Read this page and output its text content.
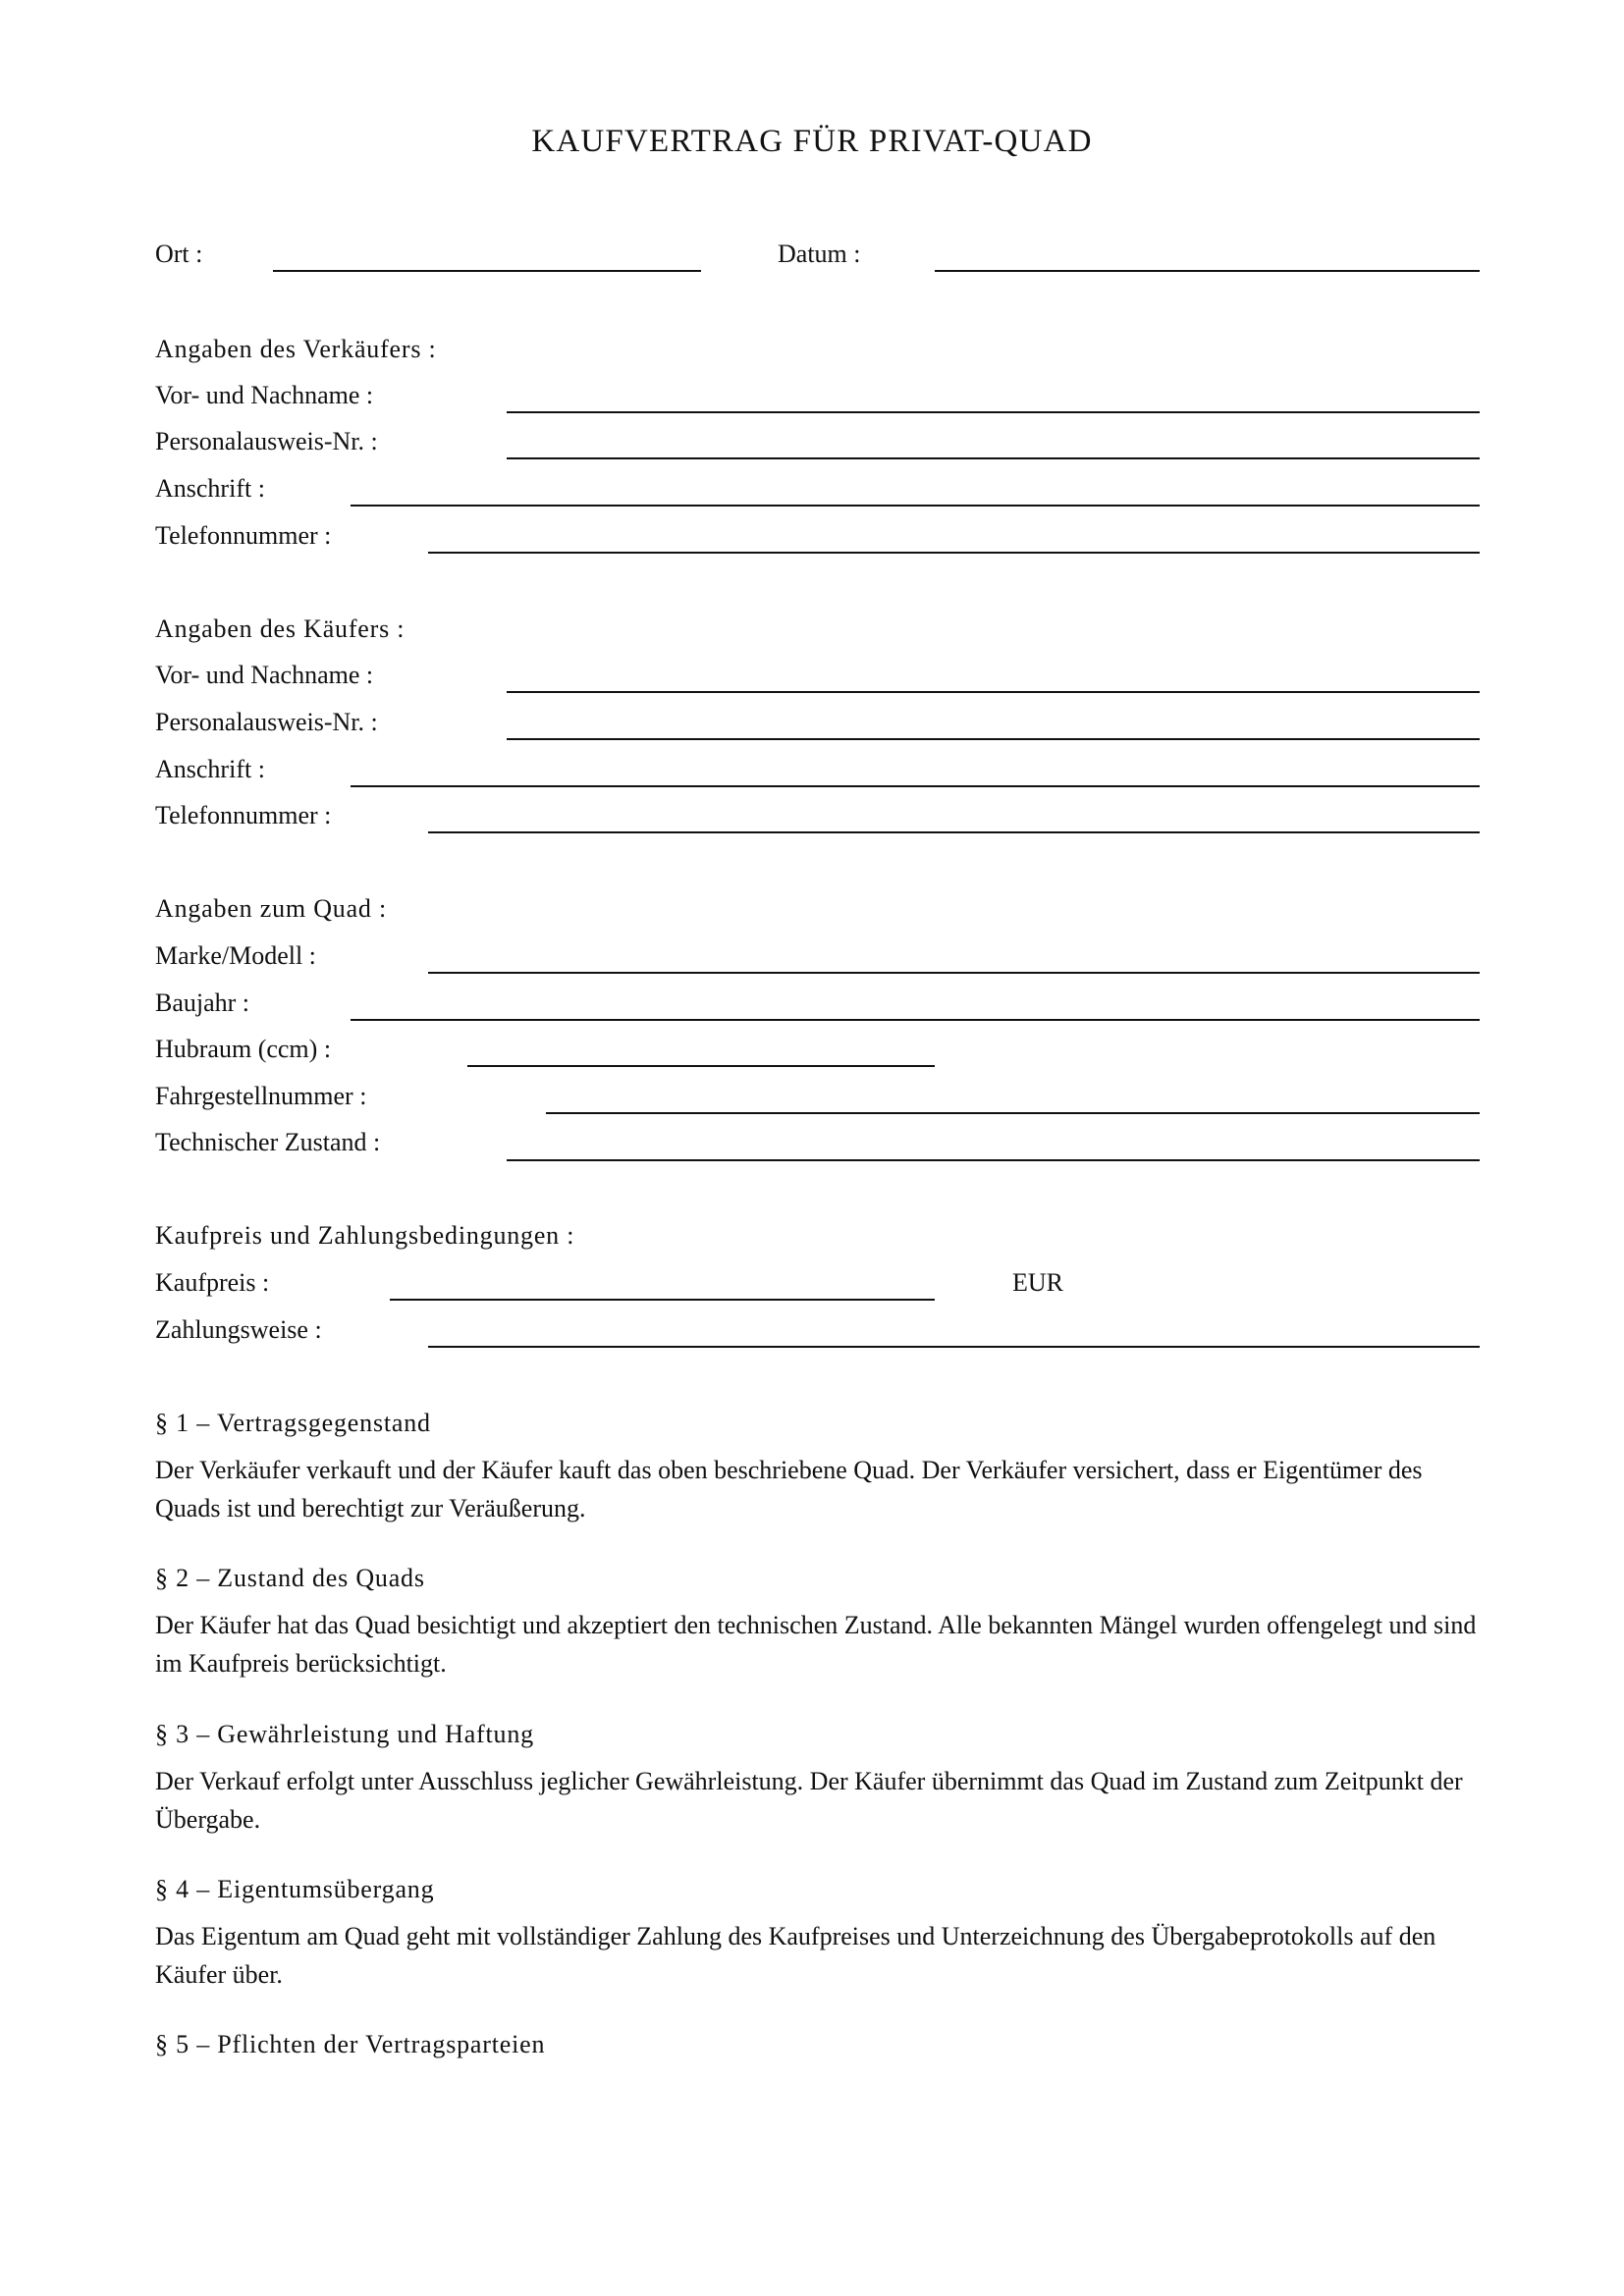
KAUFVERTRAG FÜR PRIVAT-QUAD
Ort :	Datum :
Angaben des Verkäufers :
Vor- und Nachname :
Personalausweis-Nr. :
Anschrift :
Telefonnummer :
Angaben des Käufers :
Vor- und Nachname :
Personalausweis-Nr. :
Anschrift :
Telefonnummer :
Angaben zum Quad :
Marke/Modell :
Baujahr :
Hubraum (ccm) :
Fahrgestellnummer :
Technischer Zustand :
Kaufpreis und Zahlungsbedingungen :
Kaufpreis :	EUR
Zahlungsweise :
§ 1 – Vertragsgegenstand
Der Verkäufer verkauft und der Käufer kauft das oben beschriebene Quad. Der Verkäufer versichert, dass er Eigentümer des Quads ist und berechtigt zur Veräußerung.
§ 2 – Zustand des Quads
Der Käufer hat das Quad besichtigt und akzeptiert den technischen Zustand. Alle bekannten Mängel wurden offengelegt und sind im Kaufpreis berücksichtigt.
§ 3 – Gewährleistung und Haftung
Der Verkauf erfolgt unter Ausschluss jeglicher Gewährleistung. Der Käufer übernimmt das Quad im Zustand zum Zeitpunkt der Übergabe.
§ 4 – Eigentumsübergang
Das Eigentum am Quad geht mit vollständiger Zahlung des Kaufpreises und Unterzeichnung des Übergabeprotokolls auf den Käufer über.
§ 5 – Pflichten der Vertragsparteien
